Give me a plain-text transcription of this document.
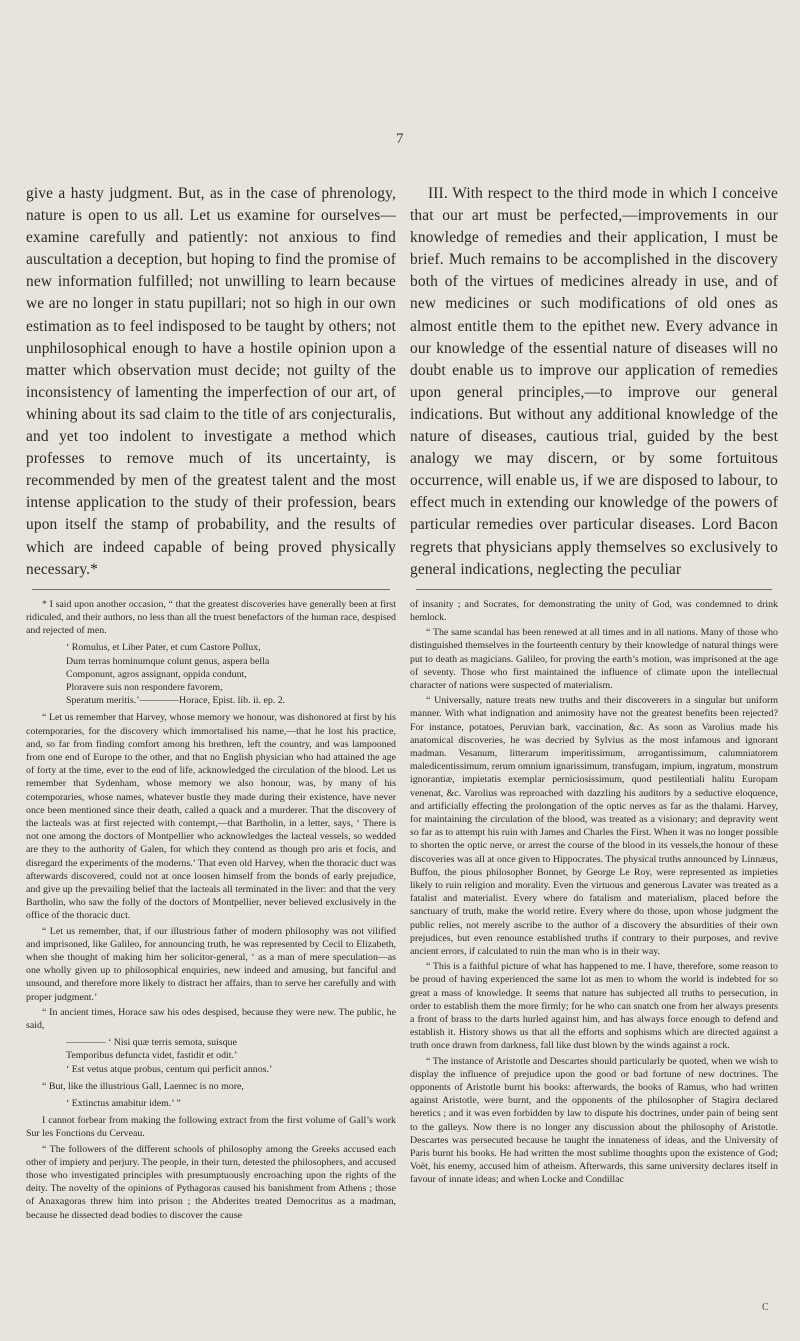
7

give a hasty judgment. But, as in the case of phrenology, nature is open to us all. Let us examine for ourselves—examine carefully and patiently: not anxious to find auscultation a deception, but hoping to find the promise of new information fulfilled; not unwilling to learn because we are no longer in statu pupillari; not so high in our own estimation as to feel indisposed to be taught by others; not unphilosophical enough to have a hostile opinion upon a matter which observation must decide; not guilty of the inconsistency of lamenting the imperfection of our art, of whining about its sad claim to the title of ars conjecturalis, and yet too indolent to investigate a method which professes to remove much of its uncertainty, is recommended by men of the greatest talent and the most intense application to the study of their profession, bears upon itself the stamp of probability, and the results of which are indeed capable of being proved physically necessary.*

* I said upon another occasion, “ that the greatest discoveries have generally been at first ridiculed, and their authors, no less than all the truest benefactors of the human race, despised and rejected of men.

‘ Romulus, et Liber Pater, et cum Castore Pollux,
Dum terras hominumque colunt genus, aspera bella
Componunt, agros assignant, oppida condunt,
Ploravere suis non respondere favorem,
Speratum meritis.’————Horace, Epist. lib. ii. ep. 2.

“ Let us remember that Harvey, whose memory we honour, was dishonored at first by his cotemporaries, for the discovery which immortalised his name,—that he lost his practice, and, so far from finding comfort among his brethren, left the country, and was lampooned from one end of Europe to the other, and that no English physician who had attained the age of forty at the time, ever to the end of life, acknowledged the circulation of the blood. Let us remember that Sydenham, whose memory we also honour, was, by many of his cotemporaries, whose names, whatever bustle they made during their existence, have never once been mentioned since their death, called a quack and a murderer. That the discovery of the lacteals was at first rejected with contempt,—that Bartholin, in a letter, says, ‘ There is not one among the doctors of Montpellier who acknowledges the lacteal vessels, so wedded are they to the authority of Galen, for which they contend as though pro aris et focis, and disregard the experiments of the moderns.’ That even old Harvey, when the thoracic duct was afterwards discovered, could not at once loosen himself from the bonds of early prejudice, and give up the prevailing belief that the lacteals all terminated in the liver: and that the very Bartholin, who saw the folly of the doctors of Montpellier, never believed exclusively in the office of the thoracic duct.

“ Let us remember, that, if our illustrious father of modern philosophy was not vilified and imprisoned, like Galileo, for announcing truth, he was represented by Cecil to Elizabeth, when she thought of making him her solicitor-general, ‘ as a man of mere speculation—as one wholly given up to philosophical enquiries, new indeed and amusing, but fanciful and unsound, and therefore more likely to distract her affairs, than to serve her carefully and with proper judgment.’

“ In ancient times, Horace saw his odes despised, because they were new. The public, he said,

———— ‘ Nisi quæ terris semota, suisque
Temporibus defuncta videt, fastidit et odit.’
‘ Est vetus atque probus, centum qui perficit annos.’

“ But, like the illustrious Gall, Laennec is no more,

‘ Extinctus amabitur idem.’ ”

I cannot forbear from making the following extract from the first volume of Gall’s work Sur les Fonctions du Cerveau.

“ The followers of the different schools of philosophy among the Greeks accused each other of impiety and perjury. The people, in their turn, detested the philosophers, and accused those who investigated principles with presumptuously encroaching upon the rights of the deity. The novelty of the opinions of Pythagoras caused his banishment from Athens ; those of Anaxagoras threw him into prison ; the Abderites treated Democritus as a madman, because he dissected dead bodies to discover the cause

III. With respect to the third mode in which I conceive that our art must be perfected,—improvements in our knowledge of remedies and their application, I must be brief. Much remains to be accomplished in the discovery both of the virtues of medicines already in use, and of new medicines or such modifications of old ones as almost entitle them to the epithet new. Every advance in our knowledge of the essential nature of diseases will no doubt enable us to improve our application of remedies upon general principles,—to improve our general indications. But without any additional knowledge of the nature of diseases, cautious trial, guided by the best analogy we may discern, or by some fortuitous occurrence, will enable us, if we are disposed to labour, to effect much in extending our knowledge of the powers of particular remedies over particular diseases. Lord Bacon regrets that physicians apply themselves so exclusively to general indications, neglecting the peculiar

of insanity ; and Socrates, for demonstrating the unity of God, was condemned to drink hemlock.

“ The same scandal has been renewed at all times and in all nations. Many of those who distinguished themselves in the fourteenth century by their knowledge of natural things were put to death as magicians. Galileo, for proving the earth’s motion, was imprisoned at the age of seventy. Those who first maintained the influence of climate upon the intellectual character of nations were suspected of materialism.

“ Universally, nature treats new truths and their discoverers in a singular but uniform manner. With what indignation and animosity have not the greatest benefits been rejected? For instance, potatoes, Peruvian bark, vaccination, &c. As soon as Varolius made his anatomical discoveries, he was decried by Sylvius as the most infamous and ignorant madman. Vesanum, litterarum imperitissimum, arrogantissimum, calumniatorem maledicentissimum, rerum omnium ignarissimum, transfugam, impium, ingratum, monstrum ignorantiæ, impietatis exemplar perniciosissimum, quod pestilentiali halitu Europam venenat, &c. Varolius was reproached with dazzling his auditors by a seductive eloquence, and artificially effecting the prolongation of the optic nerves as far as the thalami. Harvey, for maintaining the circulation of the blood, was treated as a visionary; and depravity went so far as to attempt his ruin with James and Charles the First. When it was no longer possible to shorten the optic nerve, or arrest the course of the blood in its vessels,the honour of these discoveries was all at once given to Hippocrates. The physical truths announced by Linnæus, Buffon, the pious philosopher Bonnet, by George Le Roy, were represented as impieties likely to ruin religion and morality. Even the virtuous and generous Lavater was treated as a fatalist and materialist. Every where do fatalism and materialism, placed before the sanctuary of truth, make the world retire. Every where do those, upon whose judgment the public relies, not merely ascribe to the author of a discovery the absurdities of their own prejudices, but even renounce established truths if contrary to their purposes, and revive ancient errors, if calculated to ruin the man who is in their way.

“ This is a faithful picture of what has happened to me. I have, therefore, some reason to be proud of having experienced the same lot as men to whom the world is indebted for so great a mass of knowledge. It seems that nature has subjected all truths to persecution, in order to establish them the more firmly; for he who can snatch one from her always presents a front of brass to the darts hurled against him, and has always force enough to defend and establish it. History shows us that all the efforts and sophisms which are directed against a truth once drawn from darkness, fall like dust blown by the winds against a rock.

“ The instance of Aristotle and Descartes should particularly be quoted, when we wish to display the influence of prejudice upon the good or bad fortune of new doctrines. The opponents of Aristotle burnt his books: afterwards, the books of Ramus, who had written against Aristotle, were burnt, and the opponents of the philosopher of Stagira declared heretics ; and it was even forbidden by law to dispute his doctrines, under pain of being sent to the galleys. Now there is no longer any discussion about the philosophy of Aristotle. Descartes was persecuted because he taught the innateness of ideas, and the University of Paris burnt his books. He had written the most sublime thoughts upon the existence of God; Voët, his enemy, accused him of atheism. Afterwards, this same university declares itself in favour of innate ideas; and when Locke and Condillac

C
